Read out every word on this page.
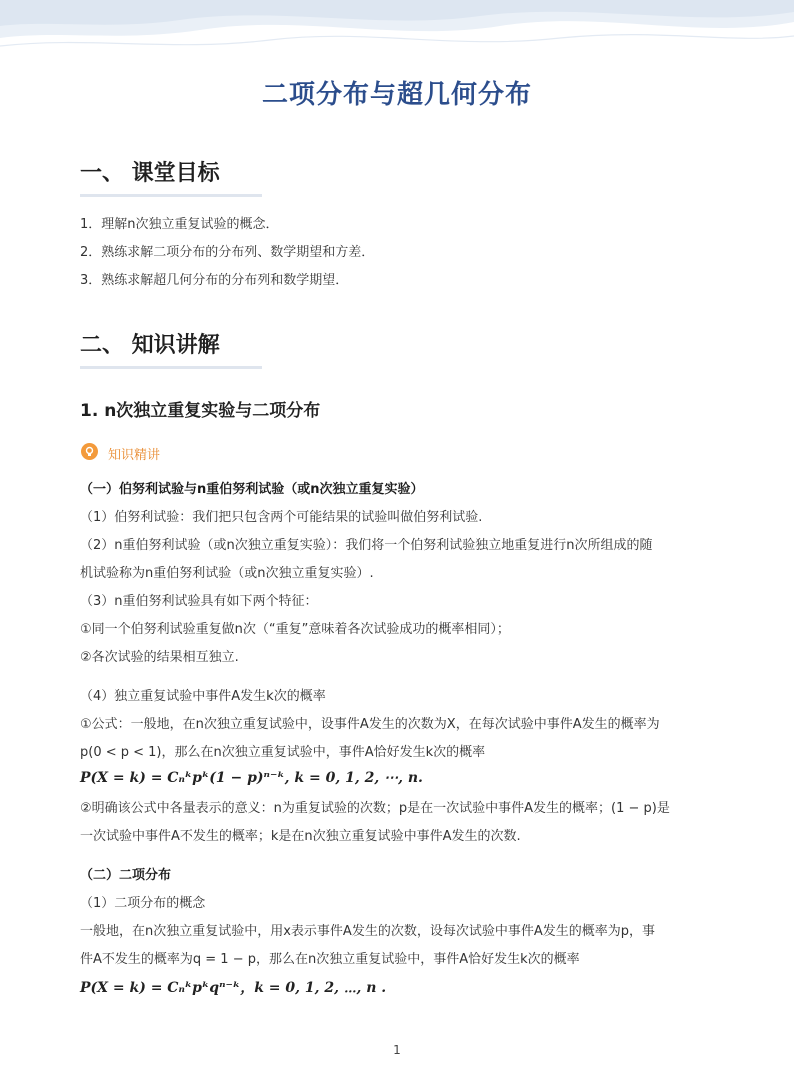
二项分布与超几何分布
一、 课堂目标
1．理解n次独立重复试验的概念．
2．熟练求解二项分布的分布列、数学期望和方差．
3．熟练求解超几何分布的分布列和数学期望．
二、 知识讲解
1. n次独立重复实验与二项分布
知识精讲
（一）伯努利试验与n重伯努利试验（或n次独立重复实验）
（1）伯努利试验：我们把只包含两个可能结果的试验叫做伯努利试验.
（2）n重伯努利试验（或n次独立重复实验）：我们将一个伯努利试验独立地重复进行n次所组成的随
机试验称为n重伯努利试验（或n次独立重复实验）.
（3）n重伯努利试验具有如下两个特征：
①同一个伯努利试验重复做n次（“重复”意味着各次试验成功的概率相同）；
②各次试验的结果相互独立.
（4）独立重复试验中事件A发生k次的概率
①公式：一般地，在n次独立重复试验中，设事件A发生的次数为X，在每次试验中事件A发生的概率为
p(0 < p < 1)，那么在n次独立重复试验中，事件A恰好发生k次的概率
P(X = k) = Cₙᵏpᵏ(1 − p)ⁿ⁻ᵏ, k = 0, 1, 2, ⋯, n.
②明确该公式中各量表示的意义：n为重复试验的次数；p是在一次试验中事件A发生的概率；(1 − p)是
一次试验中事件A不发生的概率；k是在n次独立重复试验中事件A发生的次数.
（二）二项分布
（1）二项分布的概念
一般地，在n次独立重复试验中，用x表示事件A发生的次数，设每次试验中事件A发生的概率为p，事
件A不发生的概率为q = 1 − p，那么在n次独立重复试验中，事件A恰好发生k次的概率
P(X = k) = Cₙᵏpᵏqⁿ⁻ᵏ，k = 0, 1, 2, ⋯, n .
1
